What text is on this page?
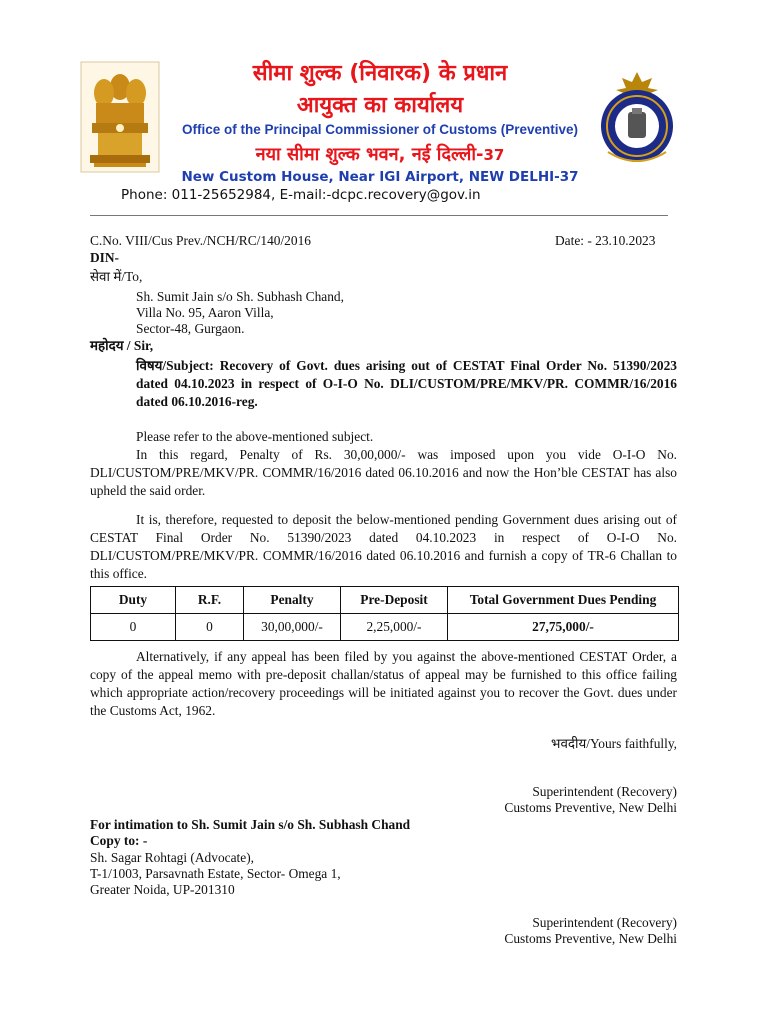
सीमा शुल्क (निवारक) के प्रधान
आयुक्त का कार्यालय
Office of the Principal Commissioner of Customs (Preventive)
नया सीमा शुल्क भवन, नई दिल्ली-37
New Custom House, Near IGI Airport, NEW DELHI-37
Phone: 011-25652984, E-mail:-dcpc.recovery@gov.in
C.No. VIII/Cus Prev./NCH/RC/140/2016	Date: - 23.10.2023
DIN-
सेवा में/To,
Sh. Sumit Jain s/o Sh. Subhash Chand,
Villa No. 95, Aaron Villa,
Sector-48, Gurgaon.
महोदय / Sir,
विषय/Subject: Recovery of Govt. dues arising out of CESTAT Final Order No. 51390/2023 dated 04.10.2023 in respect of O-I-O No. DLI/CUSTOM/PRE/MKV/PR. COMMR/16/2016 dated 06.10.2016-reg.
Please refer to the above-mentioned subject.
In this regard, Penalty of Rs. 30,00,000/- was imposed upon you vide O-I-O No. DLI/CUSTOM/PRE/MKV/PR. COMMR/16/2016 dated 06.10.2016 and now the Hon’ble CESTAT has also upheld the said order.
It is, therefore, requested to deposit the below-mentioned pending Government dues arising out of CESTAT Final Order No. 51390/2023 dated 04.10.2023 in respect of O-I-O No. DLI/CUSTOM/PRE/MKV/PR. COMMR/16/2016 dated 06.10.2016 and furnish a copy of TR-6 Challan to this office.
Duty	R.F.	Penalty	Pre-Deposit	Total Government Dues Pending
0	0	30,00,000/-	2,25,000/-	27,75,000/-
Alternatively, if any appeal has been filed by you against the above-mentioned CESTAT Order, a copy of the appeal memo with pre-deposit challan/status of appeal may be furnished to this office failing which appropriate action/recovery proceedings will be initiated against you to recover the Govt. dues under the Customs Act, 1962.
भवदीय/Yours faithfully,
Superintendent (Recovery)
Customs Preventive, New Delhi
For intimation to Sh. Sumit Jain s/o Sh. Subhash Chand
Copy to: -
Sh. Sagar Rohtagi (Advocate),
T-1/1003, Parsavnath Estate, Sector- Omega 1,
Greater Noida, UP-201310
Superintendent (Recovery)
Customs Preventive, New Delhi
